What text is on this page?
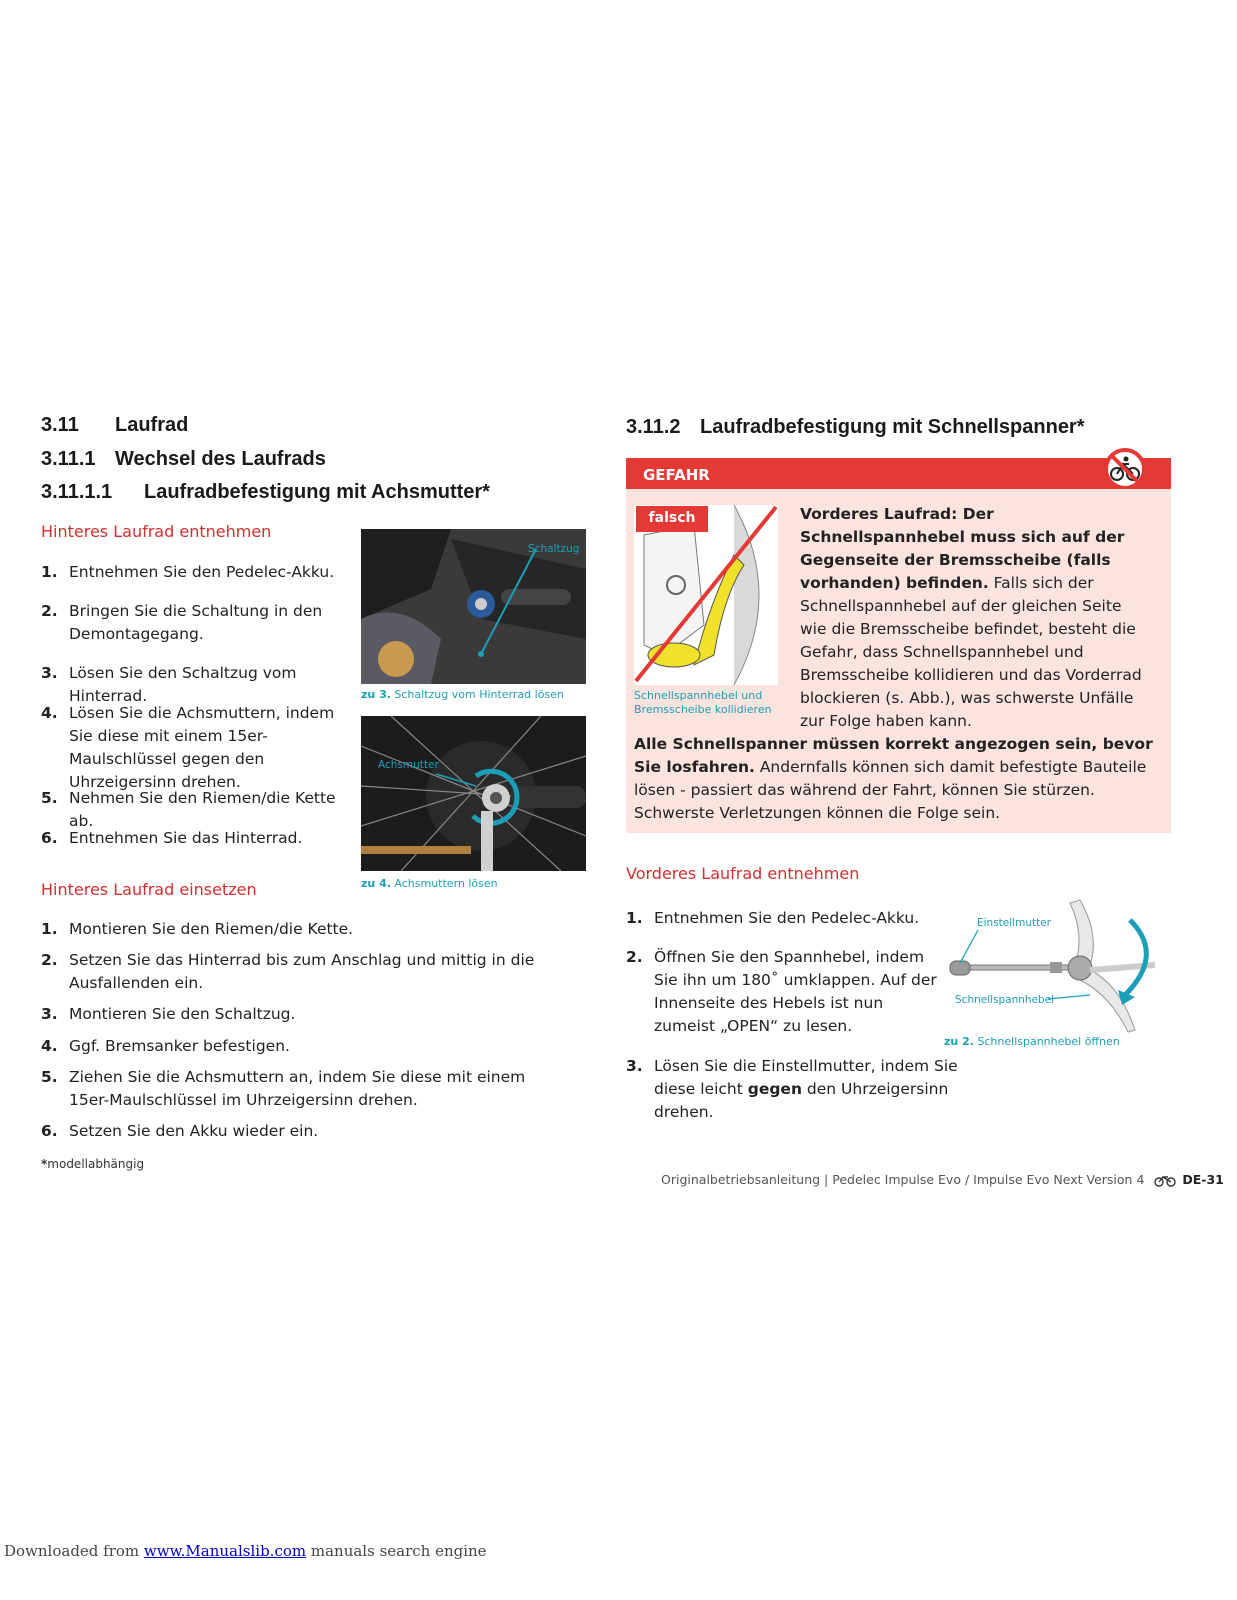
3.11 Laufrad
3.11.1 Wechsel des Laufrads
3.11.1.1 Laufradbefestigung mit Achsmutter*
Hinteres Laufrad entnehmen
1. Entnehmen Sie den Pedelec-Akku.
2. Bringen Sie die Schaltung in den Demontagegang.
3. Lösen Sie den Schaltzug vom Hinterrad.
4. Lösen Sie die Achsmuttern, indem Sie diese mit einem 15er-Maulschlüssel gegen den Uhrzeigersinn drehen.
5. Nehmen Sie den Riemen/die Kette ab.
6. Entnehmen Sie das Hinterrad.
Schaltzug
zu 3. Schaltzug vom Hinterrad lösen
Achsmutter
zu 4. Achsmuttern lösen
Hinteres Laufrad einsetzen
1. Montieren Sie den Riemen/die Kette.
2. Setzen Sie das Hinterrad bis zum Anschlag und mittig in die Ausfallenden ein.
3. Montieren Sie den Schaltzug.
4. Ggf. Bremsanker befestigen.
5. Ziehen Sie die Achsmuttern an, indem Sie diese mit einem 15er-Maulschlüssel im Uhrzeigersinn drehen.
6. Setzen Sie den Akku wieder ein.
*modellabhängig
3.11.2 Laufradbefestigung mit Schnellspanner*
GEFAHR
falsch
Schnellspannhebel und Bremsscheibe kollidieren
Vorderes Laufrad: Der Schnellspannhebel muss sich auf der Gegenseite der Bremsscheibe (falls vorhanden) befinden. Falls sich der Schnellspannhebel auf der gleichen Seite wie die Bremsscheibe befindet, besteht die Gefahr, dass Schnellspannhebel und Bremsscheibe kollidieren und das Vorderrad blockieren (s. Abb.), was schwerste Unfälle zur Folge haben kann.
Alle Schnellspanner müssen korrekt angezogen sein, bevor Sie losfahren. Andernfalls können sich damit befestigte Bauteile lösen - passiert das während der Fahrt, können Sie stürzen. Schwerste Verletzungen können die Folge sein.
Vorderes Laufrad entnehmen
1. Entnehmen Sie den Pedelec-Akku.
2. Öffnen Sie den Spannhebel, indem Sie ihn um 180˚ umklappen. Auf der Innenseite des Hebels ist nun zumeist „OPEN“ zu lesen.
3. Lösen Sie die Einstellmutter, indem Sie diese leicht gegen den Uhrzeigersinn drehen.
Einstellmutter
Schnellspannhebel
zu 2. Schnellspannhebel öffnen
Originalbetriebsanleitung | Pedelec Impulse Evo / Impulse Evo Next Version 4	DE-31
Downloaded from www.Manualslib.com manuals search engine
